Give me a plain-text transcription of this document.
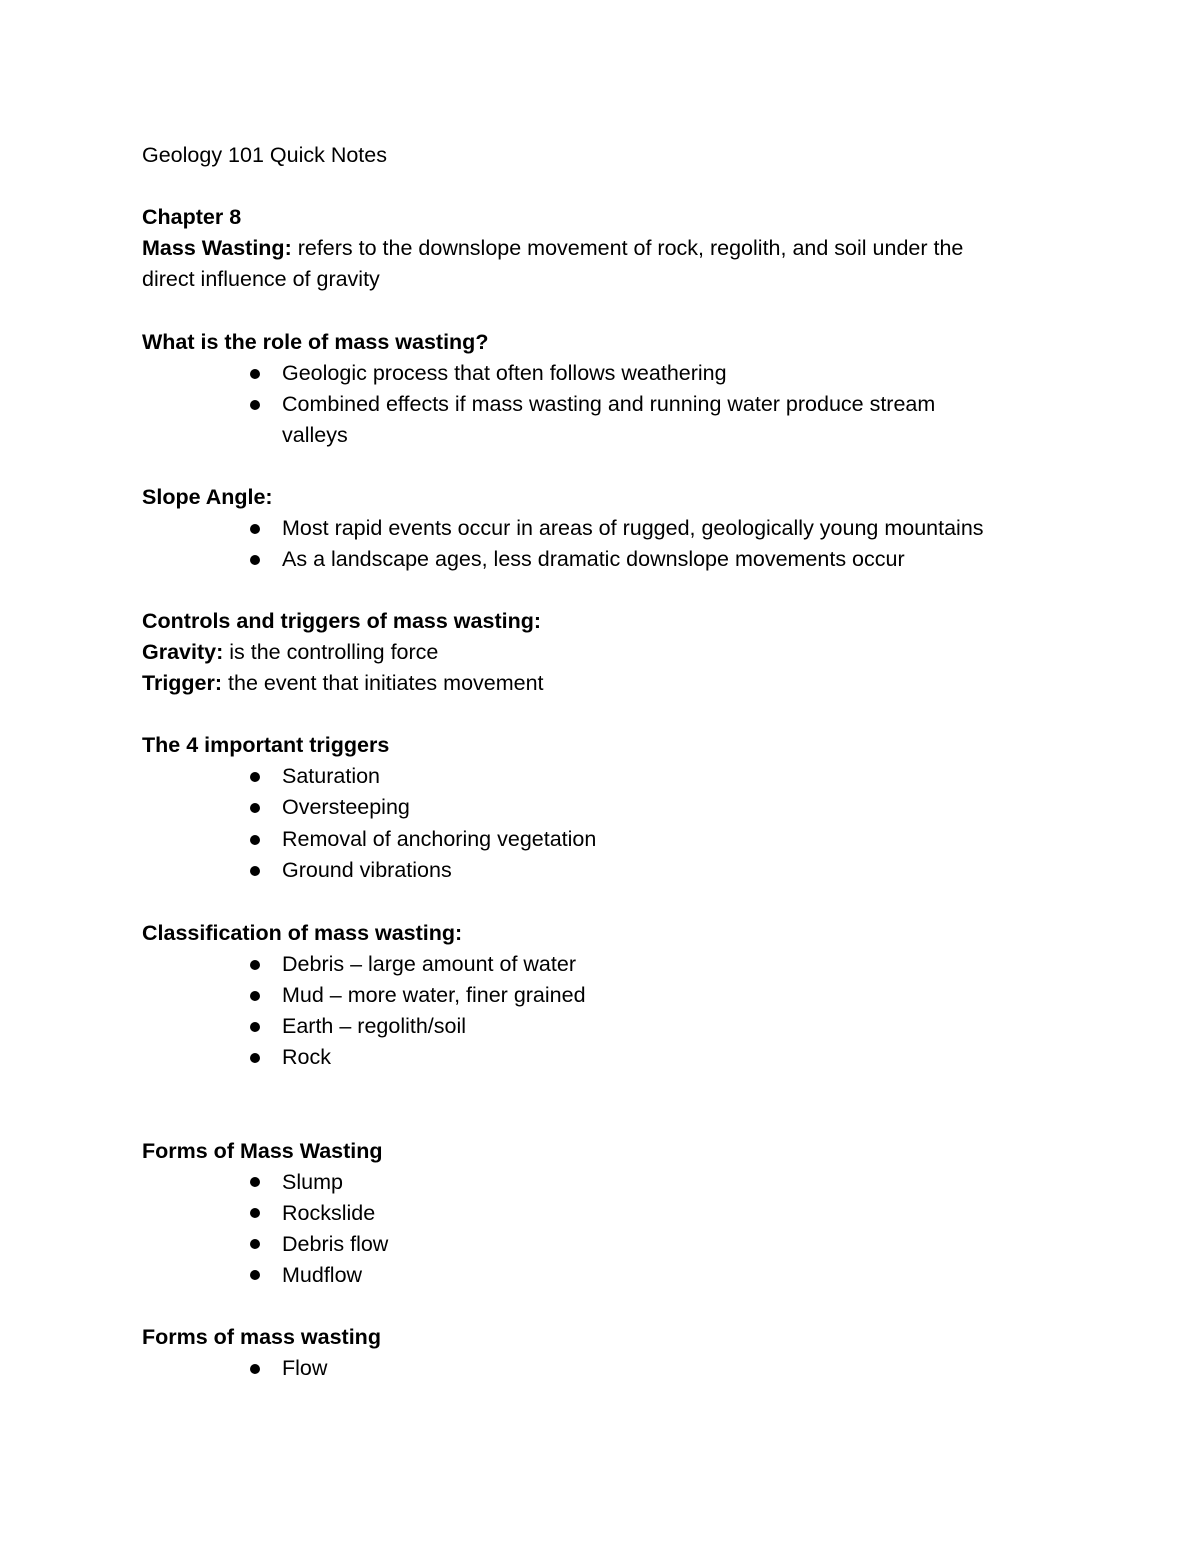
Geology 101 Quick Notes
Chapter 8
Mass Wasting: refers to the downslope movement of rock, regolith, and soil under the
direct influence of gravity
What is the role of mass wasting?
Geologic process that often follows weathering
Combined effects if mass wasting and running water produce stream
valleys
Slope Angle:
Most rapid events occur in areas of rugged, geologically young mountains
As a landscape ages, less dramatic downslope movements occur
Controls and triggers of mass wasting:
Gravity: is the controlling force
Trigger: the event that initiates movement
The 4 important triggers
Saturation
Oversteeping
Removal of anchoring vegetation
Ground vibrations
Classification of mass wasting:
Debris – large amount of water
Mud – more water, finer grained
Earth – regolith/soil
Rock
Forms of Mass Wasting
Slump
Rockslide
Debris flow
Mudflow
Forms of mass wasting
Flow
